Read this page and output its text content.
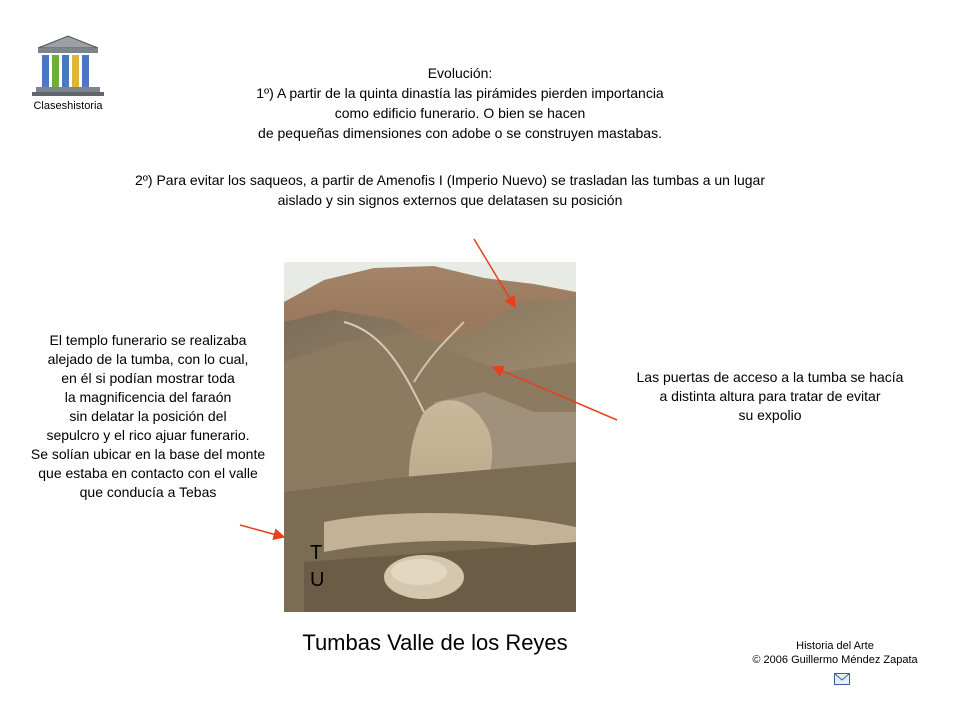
Claseshistoria
Evolución:
1º) A partir de la quinta dinastía las pirámides pierden importancia
como edificio funerario. O bien se hacen
de pequeñas dimensiones con adobe o se construyen mastabas.
2º) Para evitar los saqueos, a partir de Amenofis I (Imperio Nuevo) se trasladan las tumbas a un lugar
aislado y sin signos externos que delatasen su posición
El templo funerario se realizaba
alejado de la tumba, con lo cual,
en él si podían mostrar toda
la magnificencia del faraón
sin delatar la posición del
sepulcro y el rico ajuar funerario.
Se solían ubicar en la base del monte
que estaba en contacto con el valle
que conducía a Tebas
Las puertas de acceso a la tumba se hacía
a distinta altura para tratar de evitar
su expolio
T
U
Tumbas Valle de los Reyes	Historia del Arte
© 2006 Guillermo Méndez Zapata
